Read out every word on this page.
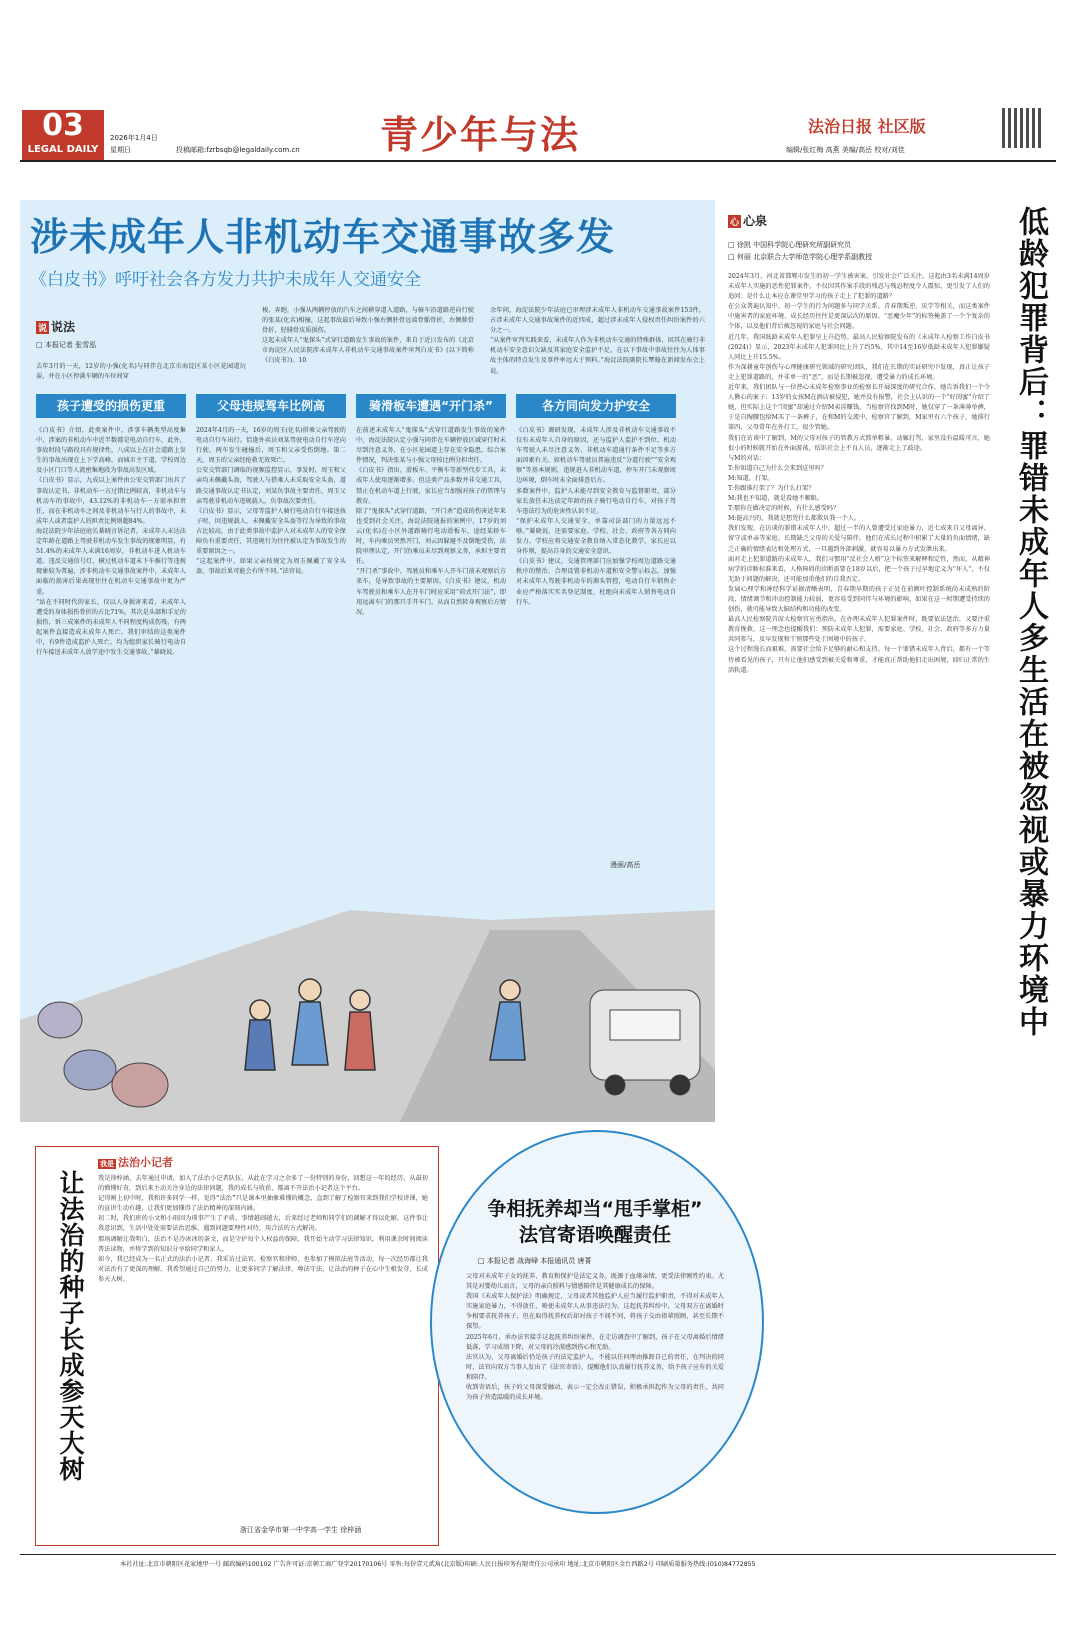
03
LEGAL DAILY
2026年1月4日
星期日	投稿邮箱:fzrbsqb@legaldaily.com.cn 青少年与法	法治日报 社区版
编辑/张红梅 高燕 美编/高岳 校对/刘佳
涉未成年人非机动车交通事故多发
《白皮书》呼吁社会各方发力共护未成年人交通安全
说 说法
□ 本报记者 张雪泓
去年3月的一天，12岁的小强(化名)与同伴在北京市海淀区某小区花园道玩耍，并在小区停满车辆的车位间穿
梭、奔跑，小强从两辆停放的汽车之间横穿道入道路，与骑车沿道路逆向行驶的张某(化名)相撞，这起事故最后导致小强右侧胚骨远端骨骺骨折，右侧肺骨骨折，胫腓骨皮质损伤。
这起未成年人“鬼探头”式穿行道路发生事故的案件，来自于近日发布的《北京市海淀区人民法院涉未成年人非机动车交通事故案件审判白皮书》(以下简称《白皮书》)。10
余年间，海淀法院少年法庭已审理涉未成年人非机动车交通事故案件153件，占涉未成年人交通事故案件的近四成，超过涉未成年人侵权责任纠纷案件的六分之一。
“从案件审判实践来看，未成年人作为非机动车交通的特殊群体，因其在骑行非机动车安全意识欠缺及其家庭安全监护不足，在以下事故中事故往往为人体事故主体的特点发生及事件率远大于预料。”海淀法院副院长覃翰在新闻发布会上说。
孩子遭受的损伤更重	父母违规驾车比例高	骑滑板车遭遇“开门杀”	各方同向发力护安全
《白皮书》介绍，此类案件中，涉事车辆类型高度集中，涉案的非机动车中近半数都是电动自行车，此外，事故时段与路段具有规律性，八成以上在社会道路上发生的事故出现在上下学高峰，而城市主干道，学校周边及小区门口等人流密集地段为事故高发区域。
《白皮书》显示，九成以上案件由公安交管部门出具了事故认定书，非机动车一方过错比例较高，非机动车与机动车的事故中，43.12%的非机动车一方需承担责任，而在非机动车之间及非机动车与行人的事故中，未成年人或者监护人的担责比例则超84%。
海淀法院少年法庭庭长綦晓言诉记者，未成年人未达法定年龄在道路上驾驶非机动车发生事故的现象明显，有51.4%的未成年人未满16周岁，非机动车进入机动车道、违反交通信号灯、横过机动车道未下车推行等违规现象较为普遍，涉非机动车交通事故案件中，未成年人面临的损害后果表现往往在机动车交通事故中更为严重。
“站在不同时代的家长，仅以人身损害来看，未成年人遭受的身体损伤骨折的占比71%，其次是头部和手足的损伤，诉三成案件的未成年人不同程度构成伤残，有两起案件直接造成未成年人死亡。我们审结的这类案件中，有9件造成监护人死亡，均为组织家长骑行电动自行车接送未成年人放学途中发生交通事故。”綦晓说。
2024年4月的一天，16岁的周玉(化名)搭乘父亲驾驶的电动自行车出行。恰逢外卖员刘某驾驶电动自行车逆向行驶，两车发生碰撞后，周玉和父亲受伤倒地。第二天，周玉的父亲经抢救无效死亡。
公安交管部门调取的视频监控显示，事发时，周玉和父亲均未佩戴头盔，驾驶人与搭乘人未采取安全头盔，道路交通事故认定书认定，刘某负事故主要责任，周玉父亲驾驶非机动车违规载人，负事故次要责任。
《白皮书》显示，父母等监护人骑行电动自行车接送孩子时，因违规载人、未佩戴安全头盔等行为导致的事故占比较高，由于此类事故中监护人对未成年人的安全保障负有重要责任，其违规行为往往被认定为事故发生的重要原因之一。
“这起案件中，如果父亲按规定为周玉佩戴了安全头盔，事故后果可能会有所不同。”法官说。
在前述未成年人“鬼探头”式穿行道路发生事故的案件中，海淀法院认定小强与同伴在车辆停放区域穿行时未尽到注意义务，在小区花园道上存在安全隐患，综合案件情况，判决张某与小强父母按比例分担责任。
《白皮书》指出，滑板车、平衡车等新型代步工具，未成年人使用逐渐增多，但这类产品多数并非交通工具，禁止在机动车道上行驶，家长应当加强对孩子的管理与教育。
除了“鬼探头”式穿行道路，“开门杀”造成的伤害近年来也受到社会关注，海淀法院通报的案例中，17岁的刘云(化名)在小区外道路骑行电动滑板车，途经某轿车时，车内乘员突然开门，刘云因躲避不及倒地受伤，法院审理认定，开门的乘员未尽到观察义务，承担主要责任。
“开门杀”事故中，驾驶员和乘车人开车门前未观察后方来车，是导致事故的主要原因，《白皮书》建议，机动车驾驶员和乘车人在开车门时应采用“荷式开门法”，即用远离车门的那只手开车门，从而自然转身观察后方情况。
《白皮书》调研发现，未成年人涉及非机动车交通事故不仅有未成年人自身的原因，还与监护人监护不到位、机动车驾驶人未尽注意义务、非机动车道通行条件不足等多方面因素有关。如机动车驾驶员普遍违反“分道行驶”“安全观察”等基本规则，违规进入非机动车道，停车开门未观察周边环境，倒车时未全面排查后方。
多数案件中，监护人未能尽到安全教育与监督职责，部分家长放任未达法定年龄的孩子骑行电动自行车，对孩子驾车违法行为的危害性认识不足。
“保护未成年人交通安全，单靠司法部门的力量远远不够。”綦晓说，还需要家庭、学校、社会、政府等各方同向发力，学校应将交通安全教育纳入常态化教学，家长应以身作则，提高自身的交通安全意识。
《白皮书》建议，交通管理部门应加强学校周边道路交通秩序的整治，合理设置非机动车道和安全警示标志，加强对未成年人驾驶非机动车的源头管控，电动自行车销售企业应严格落实实名登记制度，杜绝向未成年人销售电动自行车。
漫画/高岳
心 心泉
□ 徐凯 中国科学院心理研究所副研究员
□ 何丽 北京联合大学师范学院心理学系副教授	低龄犯罪背后：罪错未成年人多生活在被忽视或暴力环境中
2024年3月，河北省邯郸市发生的初一学生被害案，引发社会广泛关注。这起由3名未满14周岁未成年人实施的恶性犯罪案件，不仅因其作案手段的残忍与残忍程度令人震惊，更引发了人们的追问：是什么让本应在课堂里学习的孩子走上了犯罪的道路？
在公众普遍认知中，初一学生的行为问题多与同学关系、青春期叛逆、厌学等相关，而这类案件中施害者的家庭环境、成长经历往往是更深层次的原因。“恶魔少年”的标签掩盖了一个个复杂的个体，以及他们背后被忽视的家庭与社会问题。
近几年，我国低龄未成年人犯罪呈上升趋势。最高人民检察院发布的《未成年人检察工作白皮书(2024)》显示，2023年未成年人犯罪同比上升了约5%，其中14至16岁低龄未成年人犯罪嫌疑人同比上升15.5%。
作为深耕童年创伤与心理健康研究领域的研究团队，我们在长期的实证研究中发现，真正让孩子走上犯罪道路的，并非单一的“恶”，而是长期被忽视、遭受暴力的成长环境。
近年来，我们团队与一位热心未成年检察事业的检察长开展深度的研究合作，她告诉我们一个令人揪心的案子：13岁的女孩M在酒店被侵犯，她并没有报警，社会上认识的一个“好闺蜜”介绍了她，但实际上这个“闺蜜”却通过介绍M卖淫赚钱。当检察官找到M时，她仅穿了一条薄薄单裤，于是自掏腰包给M买了一条裤子，在和M的交流中，检察官了解到，M家里有六个孩子，她排行第四，父母常年在外打工，很少管她。
我们在访谈中了解到，M的父母对孩子的管教方式简单粗暴，动辄打骂，家里没有温暖可言，她很小的时候就开始在外面游荡，结识社会上不良人员，逐渐走上了歧途。
与M的对话：
T:你知道自己为什么会来到这里吗？
M:知道，打架。
T:你跟谁打架了？为什么打架？
M:我也不知道，就是看她不顺眼。
T:那你在做决定的时候，有什么感受吗？
M:挺高兴的，我就是想凭什么都欺负我一个人。
我们发现，在访谈的罪错未成年人中，超过一半的人曾遭受过家庭暴力，近七成来自父母离异、留守或单亲等家庭，长期缺乏父母的关爱与陪伴，他们在成长过程中积累了大量的负面情绪，缺乏正确的情绪表达和处理方式，一旦遇到外部刺激，就容易以暴力方式发泄出来。
面对走上犯罪道路的未成年人，我们习惯用“反社会人格”这个标签来解释和定性，然而，从精神病学的诊断标准来看，人格障碍的诊断需要在18岁以后，把一个孩子过早地定义为“坏人”，不仅无助于问题的解决，还可能加重他们的自我否定。
发展心理学和神经科学证据清晰表明，青春期早期的孩子正处在前额叶控制系统尚未成熟的阶段，情绪调节和冲动控制能力较弱，更容易受到同伴与环境的影响，如果在这一时期遭受持续的创伤，就可能导致大脑结构和功能的改变。
最高人民检察院首席大检察官应勇指出，在办理未成年人犯罪案件时，既要依法惩治，又要注重教育挽救。这一理念也提醒我们：预防未成年人犯罪，需要家庭、学校、社会、政府等多方力量共同参与，及早发现和干预那些处于困境中的孩子。
这个过程漫长而艰难，需要社会给予足够的耐心和支持。每一个罪错未成年人背后，都有一个等待被看见的孩子，只有让他们感受到被关爱和尊重，才能真正帮助他们走出困境，回归正常的生活轨道。
让法治的种子长成参天大树
我是 法治小记者
我是徐梓涵，去年通过申请，加入了法治小记者队伍，从此在学习之余多了一份特别的身份，回想这一年的经历，从最初的懵懂好奇，到后来主动关注身边的法律问题，我的成长与收获，都离不开法治小记者这个平台。
记得刚上初中时，我和许多同学一样，觉得“法治”只是课本里抽象难懂的概念，直到了解了检察官来到我们学校讲课，她的宣讲生动有趣，让我们更加懂得了法治精神的深刻内涵。
初二时，我们班的小文和小雨因为琐事产生了矛盾，事情越闹越大，后来经过老师和同学们的调解才得以化解。这件事让我意识到，生活中处处需要法治思维，遇到问题要理性对待，用合法的方式解决。
那场调解让我明白，法治不是冷冰冰的条文，而是守护每个人权益的保障，我开始主动学习法律知识，利用课余时间阅读普法读物，并将学到的知识分享给同学和家人。
如今，我已经成为一名正式的法治小记者，我采访过法官、检察官和律师，也参加了模拟法庭等活动，每一次经历都让我对法治有了更深的理解。我希望通过自己的努力，让更多同学了解法律、尊法守法，让法治的种子在心中生根发芽，长成参天大树。
浙江省金华市第一中学高一学生 徐梓涵
争相抚养却当“甩手掌柜”
法官寄语唤醒责任
□ 本报记者 战海峰 本报通讯员 唐菁
父母对未成年子女的抚养、教育和保护是法定义务。既源于血缘亲情，更受法律刚性约束。尤其是对婴幼儿而言，父母的亲自照料与情感陪伴是其健康成长的保障。
我国《未成年人保护法》明确规定，父母或者其他监护人应当履行监护职责，不得对未成年人实施家庭暴力，不得放任、唆使未成年人从事违法行为。这起抚养纠纷中，父母双方在离婚时争相要求抚养孩子，但在取得抚养权后却对孩子不闻不问，将孩子交由祖辈照顾，甚至长期不探望。
2025年6月，承办法官接手这起抚养纠纷案件，在走访调查中了解到，孩子在父母离婚后情绪低落，学习成绩下降，对父母的冷漠感到伤心和无助。
法官认为，父母离婚后仍是孩子的法定监护人，不能以任何理由推卸自己的责任，在判决的同时，法官向双方当事人发出了《法官寄语》，提醒他们认真履行抚养义务，给予孩子应有的关爱和陪伴。
收到寄语后，孩子的父母深受触动，表示一定会改正错误，积极承担起作为父母的责任，共同为孩子营造温暖的成长环境。
本社社址:北京市朝阳区花家地甲一号 邮政编码100102 广告许可证:京朝工商广登字20170106号 零售:每份壹元贰角(北京版)印刷:人民日报印务有限责任公司承印 地址:北京市朝阳区金台西路2号 印刷质量服务热线:(010)84772855
